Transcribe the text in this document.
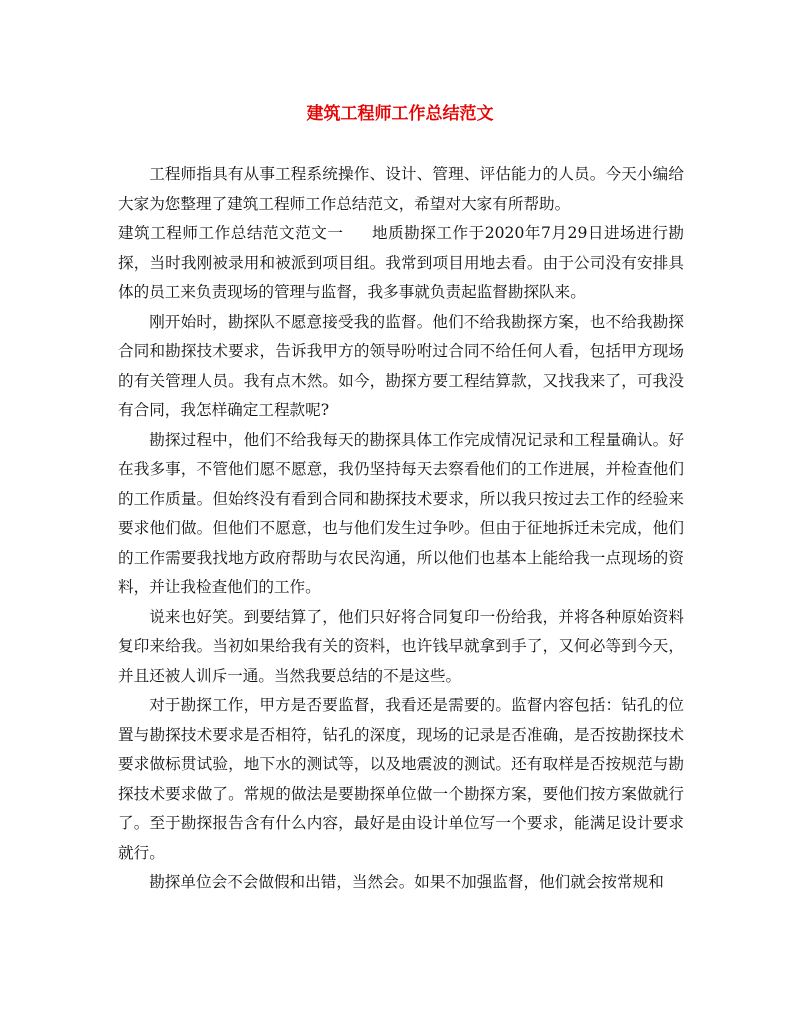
建筑工程师工作总结范文

工程师指具有从事工程系统操作、设计、管理、评估能力的人员。今天小编给大家为您整理了建筑工程师工作总结范文，希望对大家有所帮助。

建筑工程师工作总结范文范文一 地质勘探工作于2020年7月29日进场进行勘探，当时我刚被录用和被派到项目组。我常到项目用地去看。由于公司没有安排具体的员工来负责现场的管理与监督，我多事就负责起监督勘探队来。

刚开始时，勘探队不愿意接受我的监督。他们不给我勘探方案，也不给我勘探合同和勘探技术要求，告诉我甲方的领导吩咐过合同不给任何人看，包括甲方现场的有关管理人员。我有点木然。如今，勘探方要工程结算款，又找我来了，可我没有合同，我怎样确定工程款呢?

勘探过程中，他们不给我每天的勘探具体工作完成情况记录和工程量确认。好在我多事，不管他们愿不愿意，我仍坚持每天去察看他们的工作进展，并检查他们的工作质量。但始终没有看到合同和勘探技术要求，所以我只按过去工作的经验来要求他们做。但他们不愿意，也与他们发生过争吵。但由于征地拆迁未完成，他们的工作需要我找地方政府帮助与农民沟通，所以他们也基本上能给我一点现场的资料，并让我检查他们的工作。

说来也好笑。到要结算了，他们只好将合同复印一份给我，并将各种原始资料复印来给我。当初如果给我有关的资料，也许钱早就拿到手了，又何必等到今天，并且还被人训斥一通。当然我要总结的不是这些。

对于勘探工作，甲方是否要监督，我看还是需要的。监督内容包括：钻孔的位置与勘探技术要求是否相符，钻孔的深度，现场的记录是否准确，是否按勘探技术要求做标贯试验，地下水的测试等，以及地震波的测试。还有取样是否按规范与勘探技术要求做了。常规的做法是要勘探单位做一个勘探方案，要他们按方案做就行了。至于勘探报告含有什么内容，最好是由设计单位写一个要求，能满足设计要求就行。

勘探单位会不会做假和出错，当然会。如果不加强监督，他们就会按常规和
